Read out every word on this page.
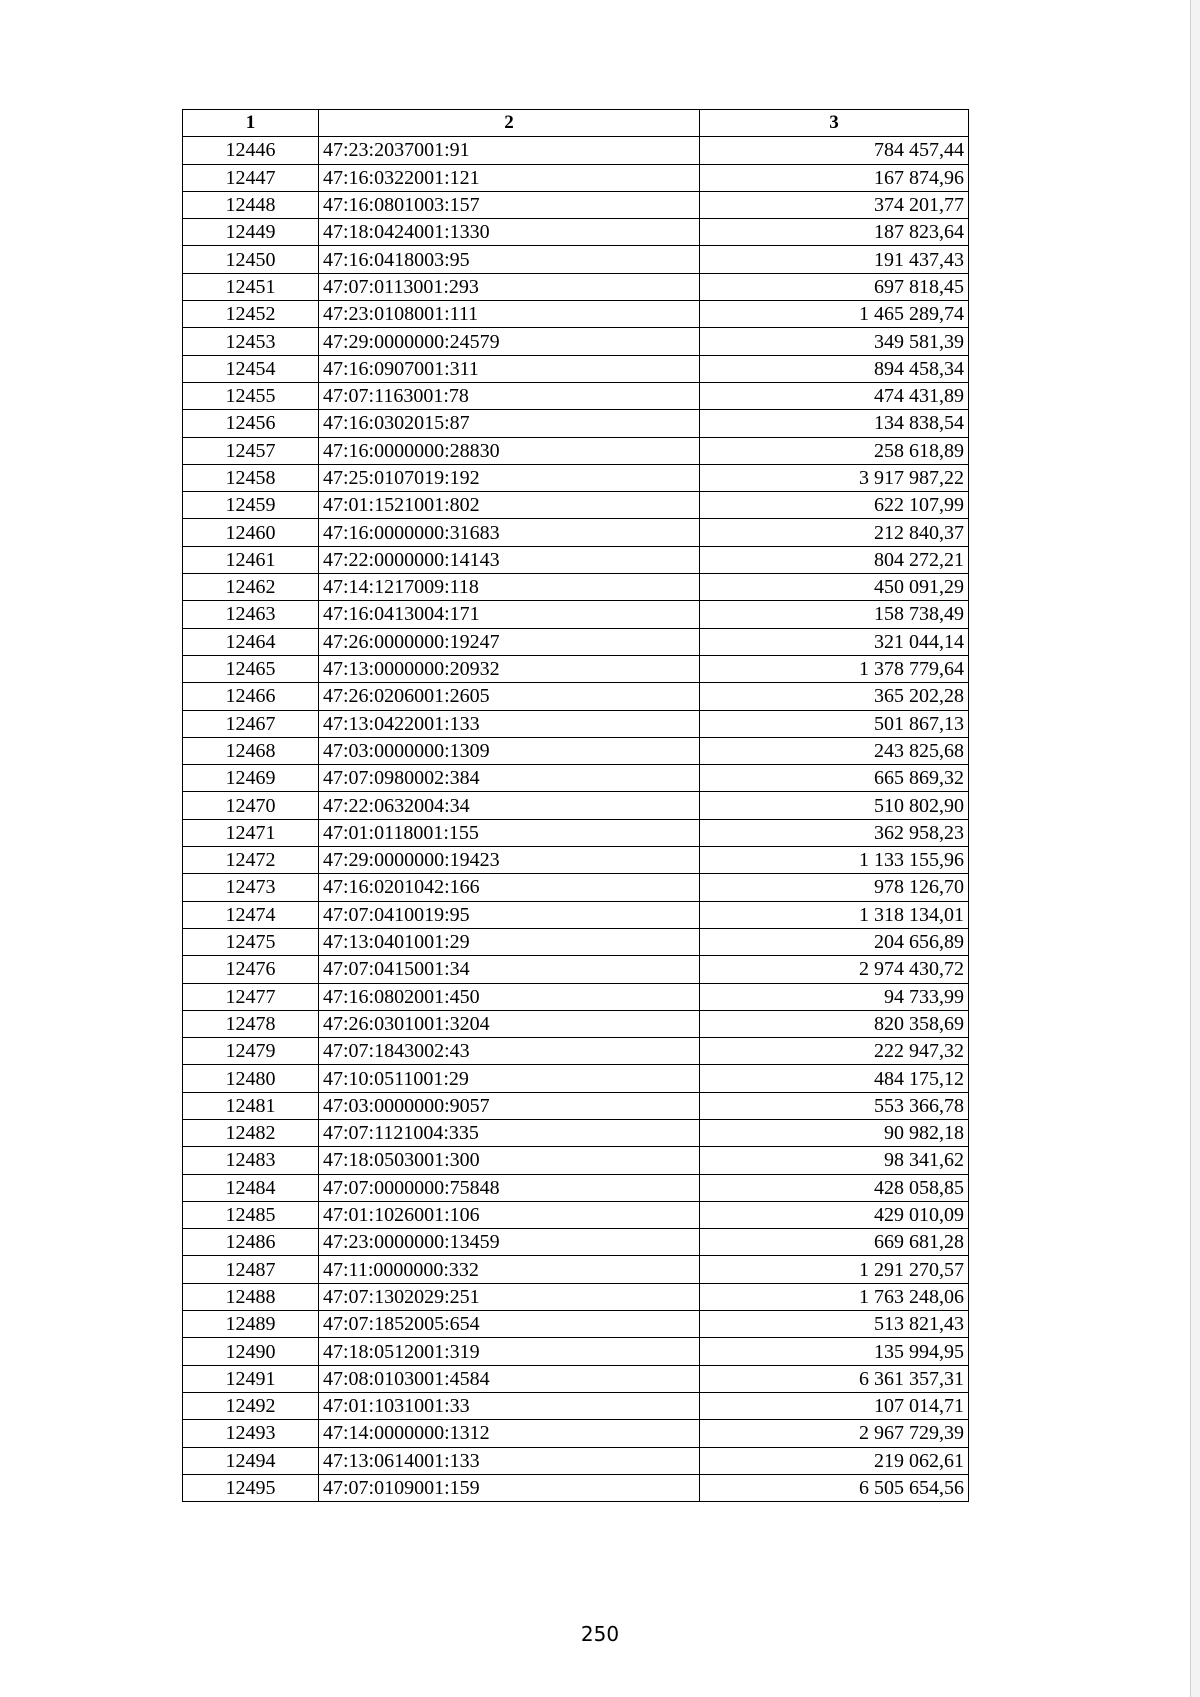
1	2	3
12446	47:23:2037001:91	784 457,44
12447	47:16:0322001:121	167 874,96
12448	47:16:0801003:157	374 201,77
12449	47:18:0424001:1330	187 823,64
12450	47:16:0418003:95	191 437,43
12451	47:07:0113001:293	697 818,45
12452	47:23:0108001:111	1 465 289,74
12453	47:29:0000000:24579	349 581,39
12454	47:16:0907001:311	894 458,34
12455	47:07:1163001:78	474 431,89
12456	47:16:0302015:87	134 838,54
12457	47:16:0000000:28830	258 618,89
12458	47:25:0107019:192	3 917 987,22
12459	47:01:1521001:802	622 107,99
12460	47:16:0000000:31683	212 840,37
12461	47:22:0000000:14143	804 272,21
12462	47:14:1217009:118	450 091,29
12463	47:16:0413004:171	158 738,49
12464	47:26:0000000:19247	321 044,14
12465	47:13:0000000:20932	1 378 779,64
12466	47:26:0206001:2605	365 202,28
12467	47:13:0422001:133	501 867,13
12468	47:03:0000000:1309	243 825,68
12469	47:07:0980002:384	665 869,32
12470	47:22:0632004:34	510 802,90
12471	47:01:0118001:155	362 958,23
12472	47:29:0000000:19423	1 133 155,96
12473	47:16:0201042:166	978 126,70
12474	47:07:0410019:95	1 318 134,01
12475	47:13:0401001:29	204 656,89
12476	47:07:0415001:34	2 974 430,72
12477	47:16:0802001:450	94 733,99
12478	47:26:0301001:3204	820 358,69
12479	47:07:1843002:43	222 947,32
12480	47:10:0511001:29	484 175,12
12481	47:03:0000000:9057	553 366,78
12482	47:07:1121004:335	90 982,18
12483	47:18:0503001:300	98 341,62
12484	47:07:0000000:75848	428 058,85
12485	47:01:1026001:106	429 010,09
12486	47:23:0000000:13459	669 681,28
12487	47:11:0000000:332	1 291 270,57
12488	47:07:1302029:251	1 763 248,06
12489	47:07:1852005:654	513 821,43
12490	47:18:0512001:319	135 994,95
12491	47:08:0103001:4584	6 361 357,31
12492	47:01:1031001:33	107 014,71
12493	47:14:0000000:1312	2 967 729,39
12494	47:13:0614001:133	219 062,61
12495	47:07:0109001:159	6 505 654,56
250
